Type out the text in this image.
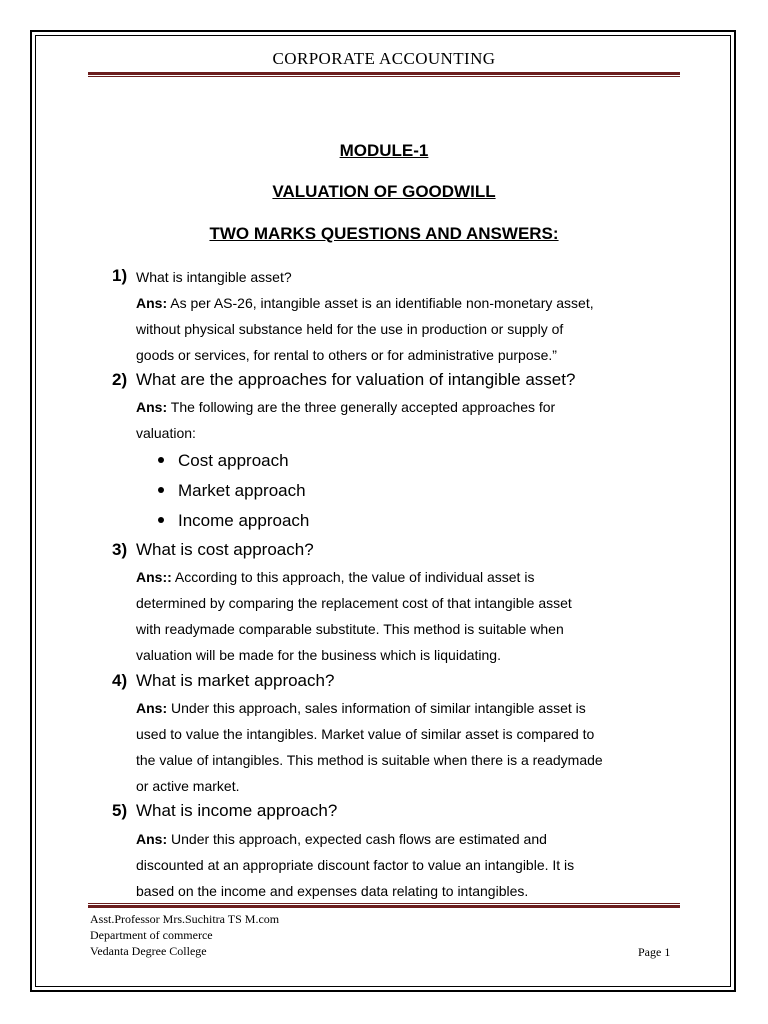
CORPORATE ACCOUNTING
MODULE-1
VALUATION OF GOODWILL
TWO MARKS QUESTIONS AND ANSWERS:
1) What is intangible asset?
Ans: As per AS-26, intangible asset is an identifiable non-monetary asset,
without physical substance held for the use in production or supply of
goods or services, for rental to others or for administrative purpose.”
2) What are the approaches for valuation of intangible asset?
Ans: The following are the three generally accepted approaches for
valuation:
Cost approach
Market approach
Income approach
3) What is cost approach?
Ans:: According to this approach, the value of individual asset is
determined by comparing the replacement cost of that intangible asset
with readymade comparable substitute. This method is suitable when
valuation will be made for the business which is liquidating.
4) What is market approach?
Ans: Under this approach, sales information of similar intangible asset is
used to value the intangibles. Market value of similar asset is compared to
the value of intangibles. This method is suitable when there is a readymade
or active market.
5) What is income approach?
Ans: Under this approach, expected cash flows are estimated and
discounted at an appropriate discount factor to value an intangible. It is
based on the income and expenses data relating to intangibles.
Asst.Professor Mrs.Suchitra TS M.com
Department of commerce
Vedanta Degree College	Page 1
